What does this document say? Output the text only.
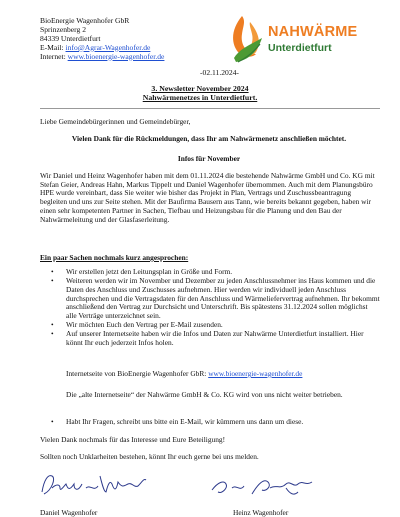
BioEnergie Wagenhofer GbR
Sprinzenberg 2
84339 Unterdietfurt
E-Mail: info@Agrar-Wagenhofer.de
Internet: www.bioenergie-wagenhofer.de
-02.11.2024-
NAHWÄRME
Unterdietfurt
3. Newsletter November 2024
Nahwärmenetzes in Unterdietfurt.
Liebe Gemeindebürgerinnen und Gemeindebürger,
Vielen Dank für die Rückmeldungen, dass Ihr am Nahwärmenetz anschließen möchtet.
Infos für November
Wir Daniel und Heinz Wagenhofer haben mit dem 01.11.2024 die bestehende Nahwärme GmbH und Co. KG mit Stefan Geier, Andreas Hahn, Markus Tippelt und Daniel Wagenhofer übernommen. Auch mit dem Planungsbüro HPE wurde vereinbart, dass Sie weiter wie bisher das Projekt in Plan, Vertrags und Zuschussbeantragung begleiten und uns zur Seite stehen. Mit der Baufirma Bausern aus Tann, wie bereits bekannt gegeben, haben wir einen sehr kompetenten Partner in Sachen, Tiefbau und Heizungsbau für die Planung und den Bau der Nahwärmeleitung und der Glasfaserleitung.
Ein paar Sachen nochmals kurz angesprochen:
• Wir erstellen jetzt den Leitungsplan in Größe und Form.
• Weiteren werden wir im November und Dezember zu jeden Anschlussnehmer ins Haus kommen und die Daten des Anschluss und Zuschusses aufnehmen. Hier werden wir individuell jeden Anschluss durchsprechen und die Vertragsdaten für den Anschluss und Wärmeliefervertrag aufnehmen. Ihr bekommt anschließend den Vertrag zur Durchsicht und Unterschrift. Bis spätestens 31.12.2024 sollen möglichst alle Verträge unterzeichnet sein.
• Wir möchten Euch den Vertrag per E-Mail zusenden.
• Auf unserer Internetseite haben wir die Infos und Daten zur Nahwärme Unterdietfurt installiert. Hier könnt Ihr euch jederzeit Infos holen.
Internetseite von BioEnergie Wagenhofer GbR: www.bioenergie-wagenhofer.de
Die „alte Internetseite“ der Nahwärme GmbH & Co. KG wird von uns nicht weiter betrieben.
• Habt Ihr Fragen, schreibt uns bitte ein E-Mail, wir kümmern uns dann um diese.
Vielen Dank nochmals für das Interesse und Eure Beteiligung!
Sollten noch Unklarheiten bestehen, könnt Ihr euch gerne bei uns melden.
Daniel Wagenhofer	Heinz Wagenhofer
